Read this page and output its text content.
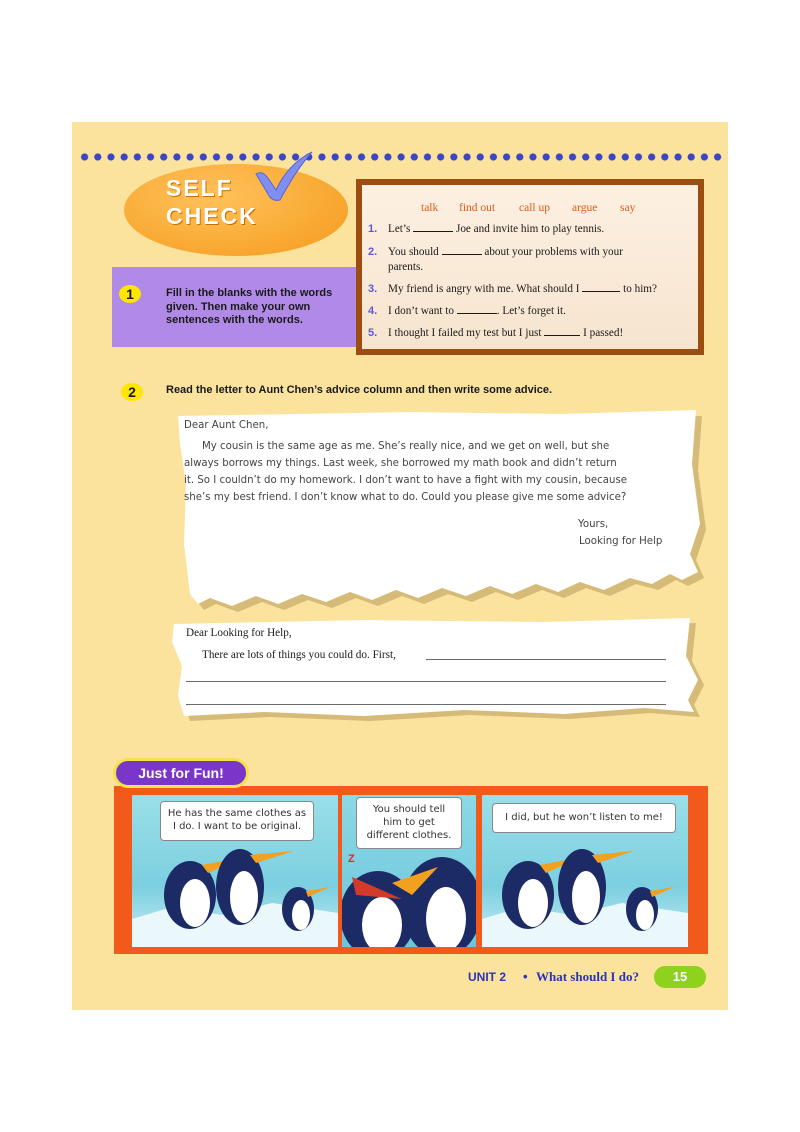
SELF
CHECK
1	Fill in the blanks with the words given. Then make your own sentences with the words.
talk find out call up argue say
1. Let’s	Joe and invite him to play tennis.
2. You should	about your problems with your
parents.
3. My friend is angry with me. What should I	to him?
4. I don’t want to	. Let’s forget it.
5. I thought I failed my test but I just	I passed!
2	Read the letter to Aunt Chen’s advice column and then write some advice.
Dear Aunt Chen,
My cousin is the same age as me. She’s really nice, and we get on well, but she
always borrows my things. Last week, she borrowed my math book and didn’t return
it. So I couldn’t do my homework. I don’t want to have a fight with my cousin, because
she’s my best friend. I don’t know what to do. Could you please give me some advice?
Yours,
Looking for Help
Dear Looking for Help,
There are lots of things you could do. First,
Just for Fun!
He has the same clothes as I do. I want to be original.
Z
You should tell him to get different clothes.
I did, but he won’t listen to me!
UNIT 2 • What should I do?	15
